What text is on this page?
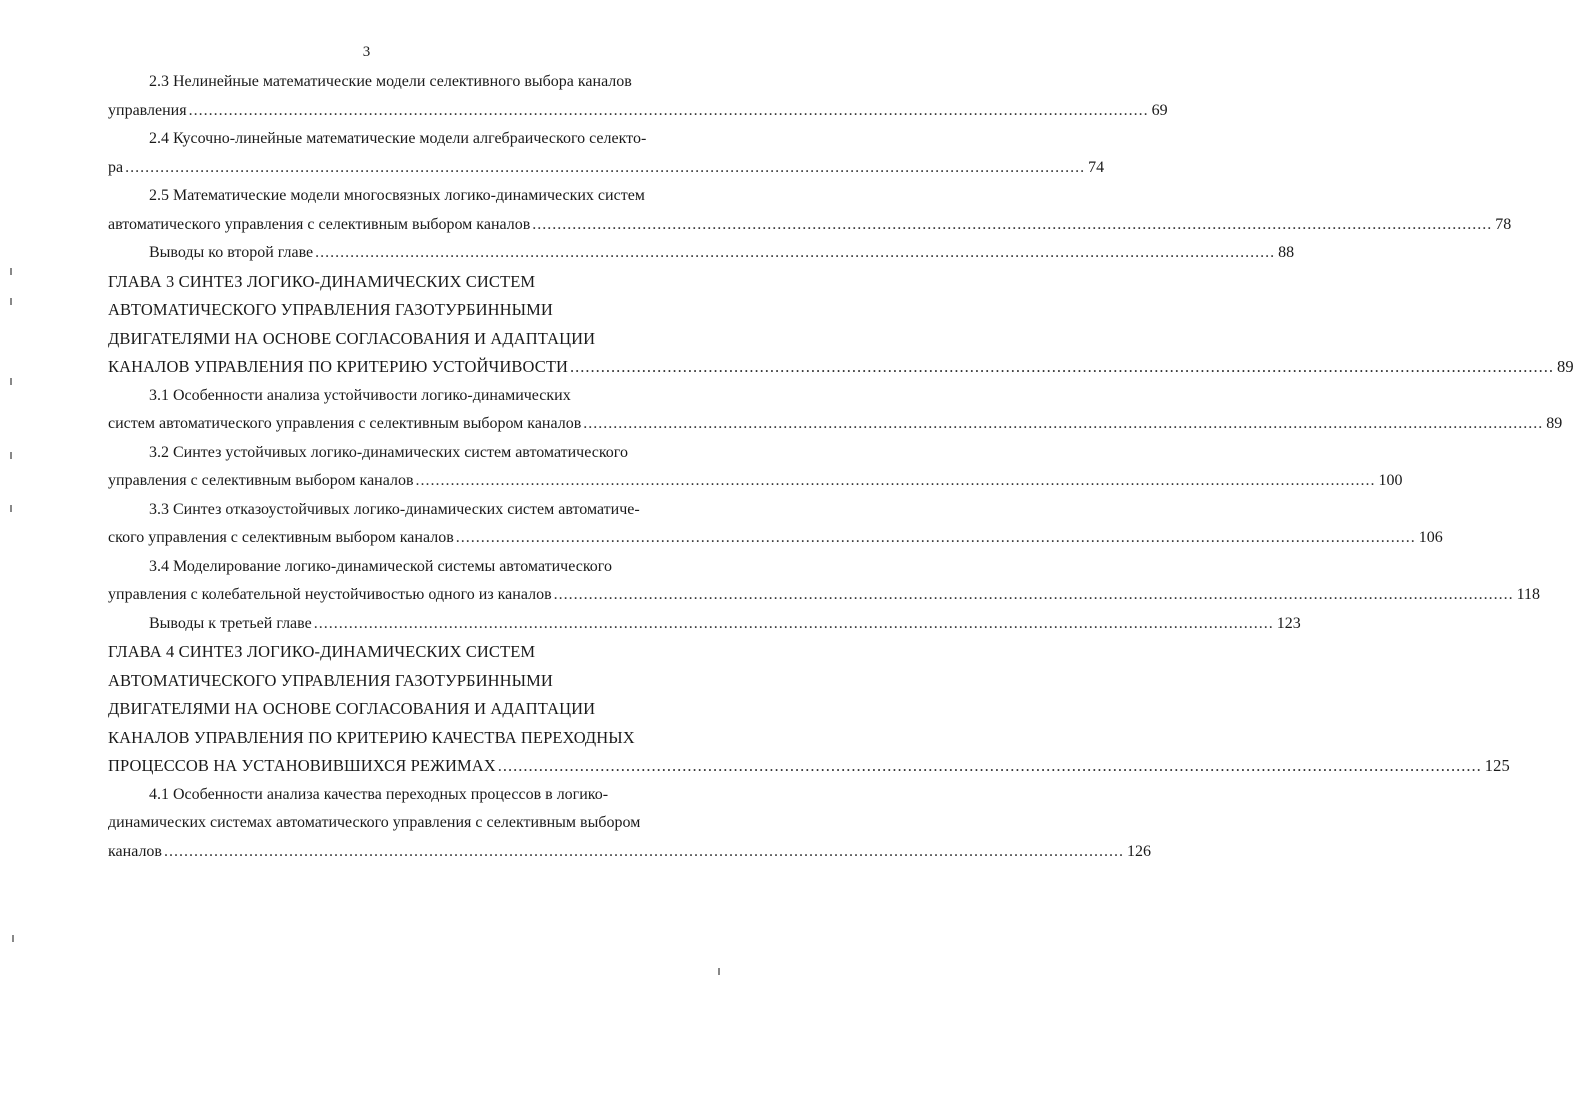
3
2.3 Нелинейные математические модели селективного выбора каналов
управления ................................................................................................................................................................................................ 69
2.4 Кусочно-линейные математические модели алгебраического селекто-
ра ................................................................................................................................................................................................ 74
2.5 Математические модели многосвязных логико-динамических систем
автоматического управления с селективным выбором каналов ................................................................................................................................................................................................ 78
Выводы ко второй главе ................................................................................................................................................................................................ 88
ГЛАВА 3 СИНТЕЗ ЛОГИКО-ДИНАМИЧЕСКИХ СИСТЕМ
АВТОМАТИЧЕСКОГО УПРАВЛЕНИЯ ГАЗОТУРБИННЫМИ
ДВИГАТЕЛЯМИ НА ОСНОВЕ СОГЛАСОВАНИЯ И АДАПТАЦИИ
КАНАЛОВ УПРАВЛЕНИЯ ПО КРИТЕРИЮ УСТОЙЧИВОСТИ ................................................................................................................................................................................................ 89
3.1 Особенности анализа устойчивости логико-динамических
систем автоматического управления с селективным выбором каналов ................................................................................................................................................................................................ 89
3.2 Синтез устойчивых логико-динамических систем автоматического
управления с селективным выбором каналов ................................................................................................................................................................................................ 100
3.3 Синтез отказоустойчивых логико-динамических систем автоматиче-
ского управления с селективным выбором каналов ................................................................................................................................................................................................ 106
3.4 Моделирование логико-динамической системы автоматического
управления с колебательной неустойчивостью одного из каналов ................................................................................................................................................................................................ 118
Выводы к третьей главе ................................................................................................................................................................................................ 123
ГЛАВА 4 СИНТЕЗ ЛОГИКО-ДИНАМИЧЕСКИХ СИСТЕМ
АВТОМАТИЧЕСКОГО УПРАВЛЕНИЯ ГАЗОТУРБИННЫМИ
ДВИГАТЕЛЯМИ НА ОСНОВЕ СОГЛАСОВАНИЯ И АДАПТАЦИИ
КАНАЛОВ УПРАВЛЕНИЯ ПО КРИТЕРИЮ КАЧЕСТВА ПЕРЕХОДНЫХ
ПРОЦЕССОВ НА УСТАНОВИВШИХСЯ РЕЖИМАХ ................................................................................................................................................................................................ 125
4.1 Особенности анализа качества переходных процессов в логико-
динамических системах автоматического управления с селективным выбором
каналов ................................................................................................................................................................................................ 126
